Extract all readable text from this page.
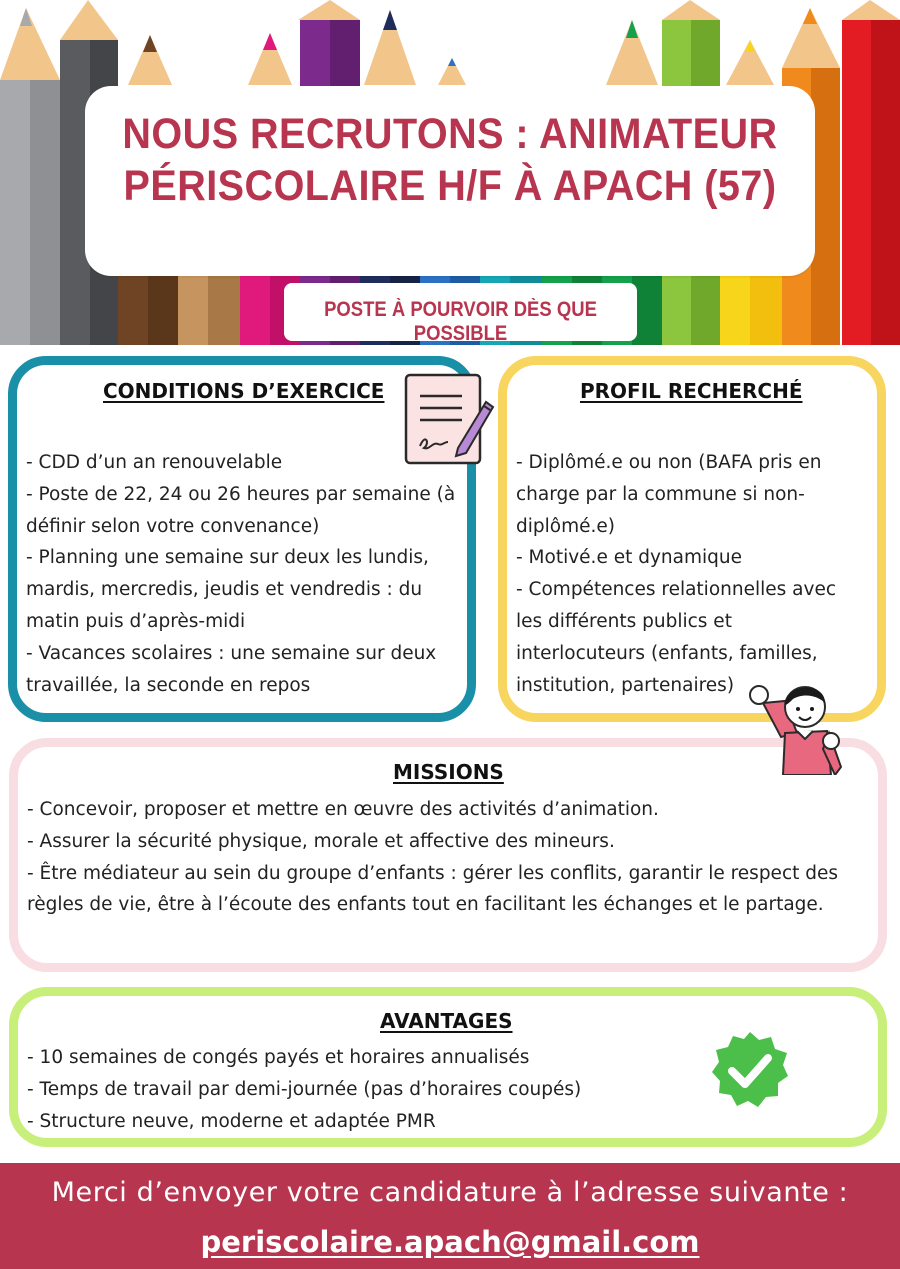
NOUS RECRUTONS : ANIMATEUR
PÉRISCOLAIRE H/F À APACH (57)
POSTE À POURVOIR DÈS QUE POSSIBLE
CONDITIONS D’EXERCICE
- CDD d’un an renouvelable
- Poste de 22, 24 ou 26 heures par semaine (à définir selon votre convenance)
- Planning une semaine sur deux les lundis, mardis, mercredis, jeudis et vendredis : du matin puis d’après-midi
- Vacances scolaires : une semaine sur deux travaillée, la seconde en repos
PROFIL RECHERCHÉ
- Diplômé.e ou non (BAFA pris en charge par la commune si non-diplômé.e)
- Motivé.e et dynamique
- Compétences relationnelles avec les différents publics et interlocuteurs (enfants, familles, institution, partenaires)
MISSIONS
- Concevoir, proposer et mettre en œuvre des activités d’animation.
- Assurer la sécurité physique, morale et affective des mineurs.
- Être médiateur au sein du groupe d’enfants : gérer les conflits, garantir le respect des règles de vie, être à l’écoute des enfants tout en facilitant les échanges et le partage.
AVANTAGES
- 10 semaines de congés payés et horaires annualisés
- Temps de travail par demi-journée (pas d’horaires coupés)
- Structure neuve, moderne et adaptée PMR
Merci d’envoyer votre candidature à l’adresse suivante :
periscolaire.apach@gmail.com
